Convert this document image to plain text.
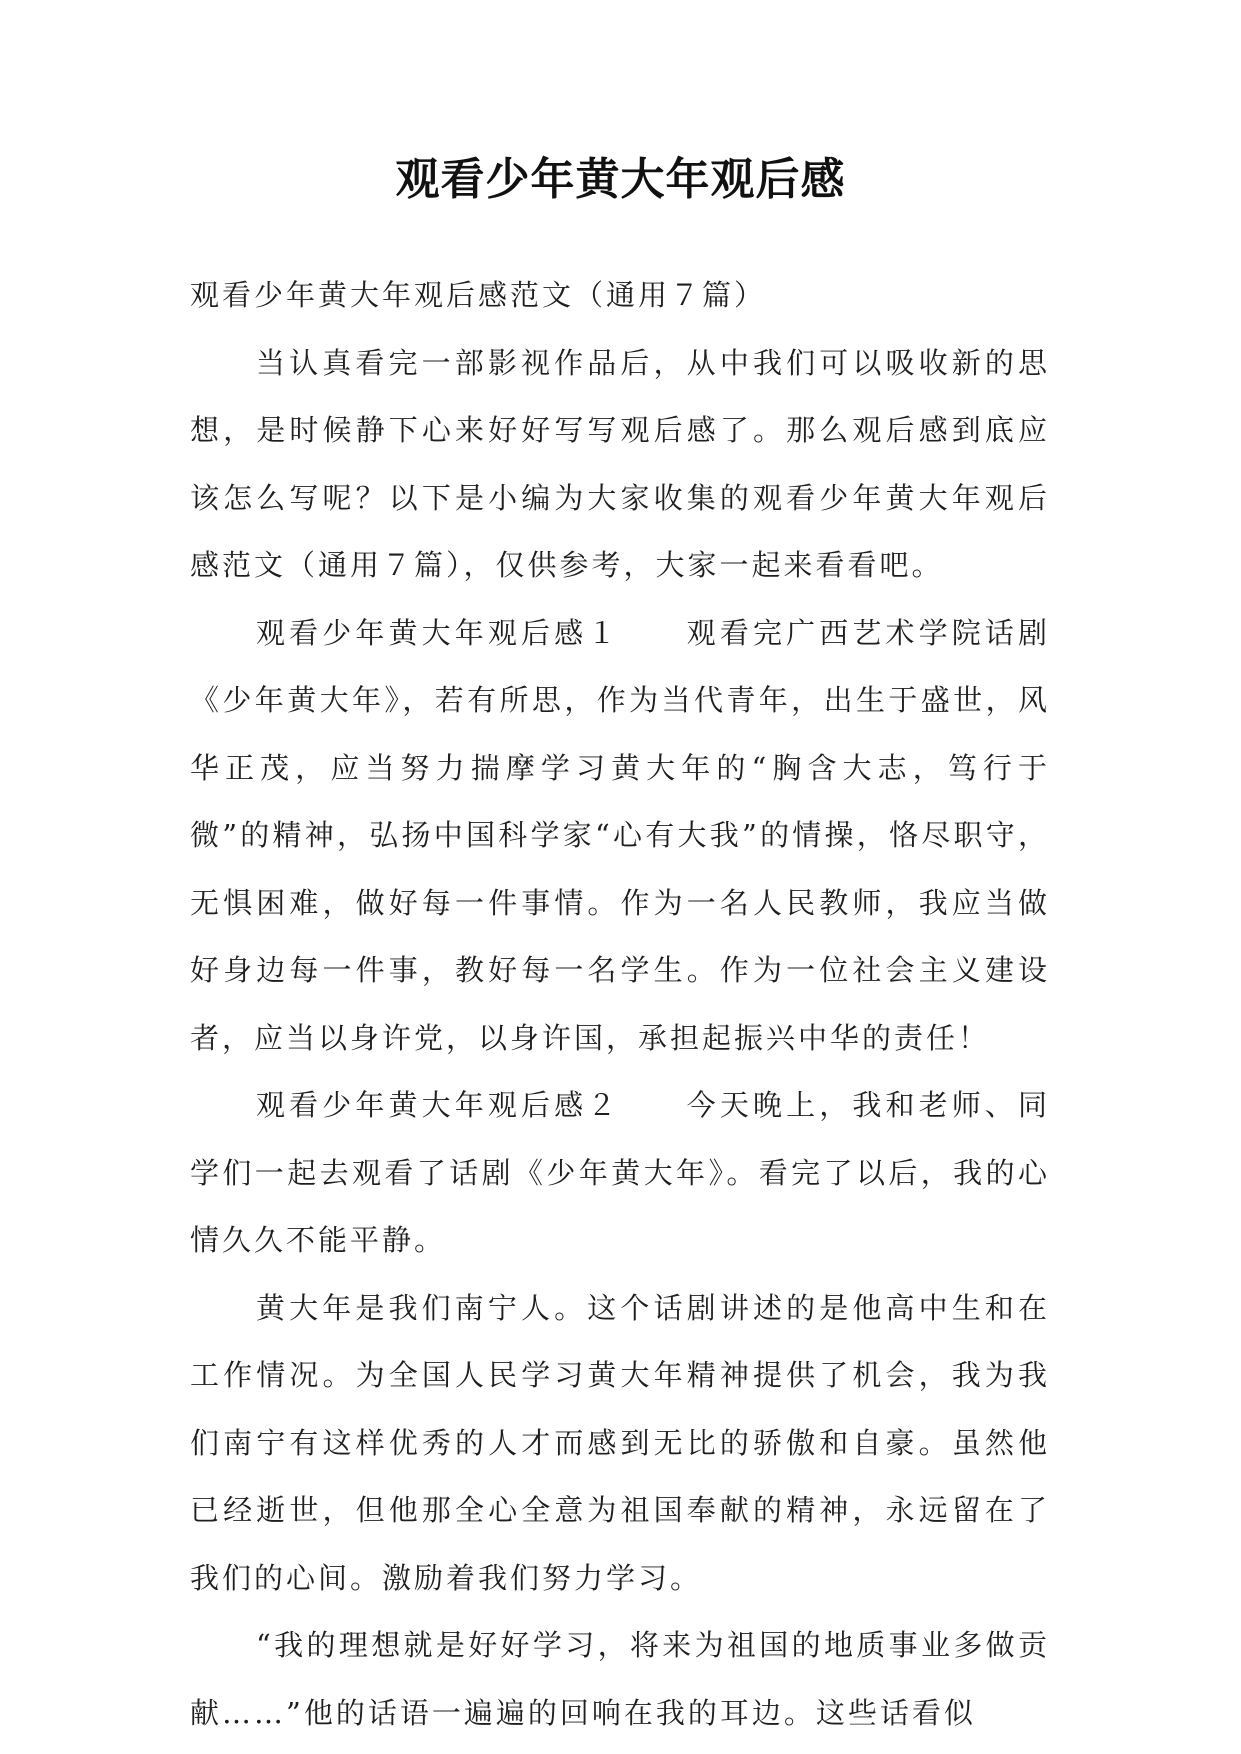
观看少年黄大年观后感

观看少年黄大年观后感范文（通用７篇）

当认真看完一部影视作品后，从中我们可以吸收新的思想，是时候静下心来好好写写观后感了。那么观后感到底应该怎么写呢？以下是小编为大家收集的观看少年黄大年观后感范文（通用７篇），仅供参考，大家一起来看看吧。

观看少年黄大年观后感１　　观看完广西艺术学院话剧《少年黄大年》，若有所思，作为当代青年，出生于盛世，风华正茂，应当努力揣摩学习黄大年的“胸含大志，笃行于微”的精神，弘扬中国科学家“心有大我”的情操，恪尽职守，无惧困难，做好每一件事情。作为一名人民教师，我应当做好身边每一件事，教好每一名学生。作为一位社会主义建设者，应当以身许党，以身许国，承担起振兴中华的责任！

观看少年黄大年观后感２　　今天晚上，我和老师、同学们一起去观看了话剧《少年黄大年》。看完了以后，我的心情久久不能平静。

黄大年是我们南宁人。这个话剧讲述的是他高中生和在工作情况。为全国人民学习黄大年精神提供了机会，我为我们南宁有这样优秀的人才而感到无比的骄傲和自豪。虽然他已经逝世，但他那全心全意为祖国奉献的精神，永远留在了我们的心间。激励着我们努力学习。

“我的理想就是好好学习，将来为祖国的地质事业多做贡献……”他的话语一遍遍的回响在我的耳边。这些话看似
